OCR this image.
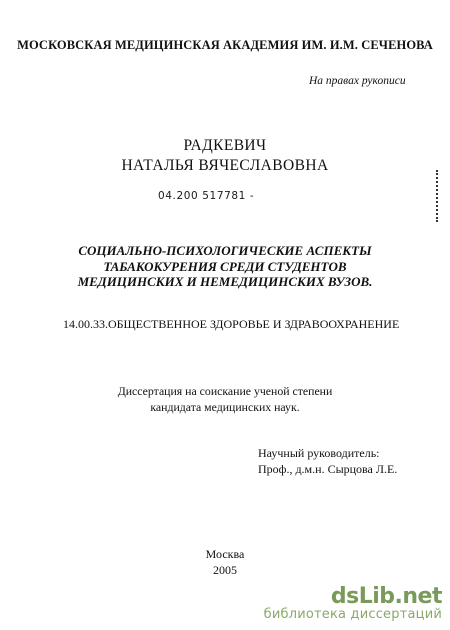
МОСКОВСКАЯ МЕДИЦИНСКАЯ АКАДЕМИЯ ИМ. И.М. СЕЧЕНОВА
На правах рукописи
РАДКЕВИЧ
НАТАЛЬЯ ВЯЧЕСЛАВОВНА
04.200 517781 -
СОЦИАЛЬНО-ПСИХОЛОГИЧЕСКИЕ АСПЕКТЫ
ТАБАКОКУРЕНИЯ СРЕДИ СТУДЕНТОВ
МЕДИЦИНСКИХ И НЕМЕДИЦИНСКИХ ВУЗОВ.
14.00.33.ОБЩЕСТВЕННОЕ ЗДОРОВЬЕ И ЗДРАВООХРАНЕНИЕ
Диссертация на соискание ученой степени
кандидата медицинских наук.
Научный руководитель:
Проф., д.м.н. Сырцова Л.Е.
Москва
2005
dsLib.net
библиотека диссертаций
